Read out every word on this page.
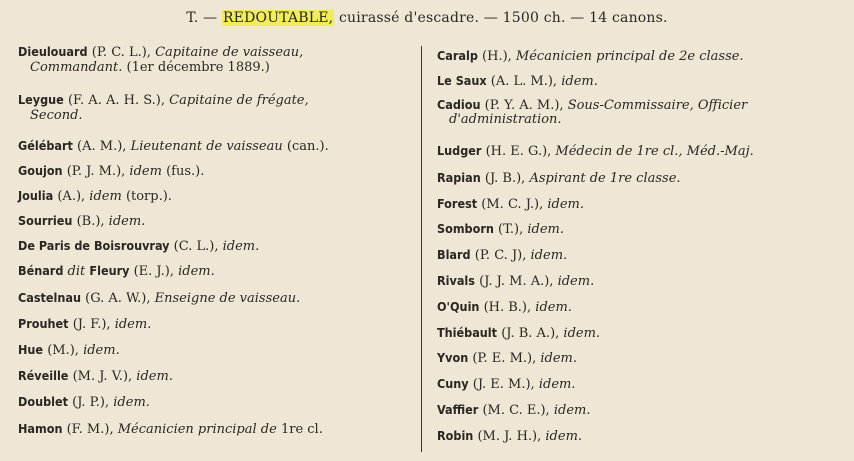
T. — REDOUTABLE, cuirassé d'escadre. — 1500 ch. — 14 canons.
Dieulouard (P. C. L.), Capitaine de vaisseau,
Commandant. (1er décembre 1889.)
Leygue (F. A. A. H. S.), Capitaine de frégate,
Second.
Gélébart (A. M.), Lieutenant de vaisseau (can.).
Goujon (P. J. M.), idem (fus.).
Joulia (A.), idem (torp.).
Sourrieu (B.), idem.
De Paris de Boisrouvray (C. L.), idem.
Bénard dit Fleury (E. J.), idem.
Castelnau (G. A. W.), Enseigne de vaisseau.
Prouhet (J. F.), idem.
Hue (M.), idem.
Réveille (M. J. V.), idem.
Doublet (J. P.), idem.
Hamon (F. M.), Mécanicien principal de 1re cl.
Caralp (H.), Mécanicien principal de 2e classe.
Le Saux (A. L. M.), idem.
Cadiou (P. Y. A. M.), Sous-Commissaire, Officier
d'administration.
Ludger (H. E. G.), Médecin de 1re cl., Méd.-Maj.
Rapian (J. B.), Aspirant de 1re classe.
Forest (M. C. J.), idem.
Somborn (T.), idem.
Blard (P. C. J), idem.
Rivals (J. J. M. A.), idem.
O'Quin (H. B.), idem.
Thiébault (J. B. A.), idem.
Yvon (P. E. M.), idem.
Cuny (J. E. M.), idem.
Vaffier (M. C. E.), idem.
Robin (M. J. H.), idem.
